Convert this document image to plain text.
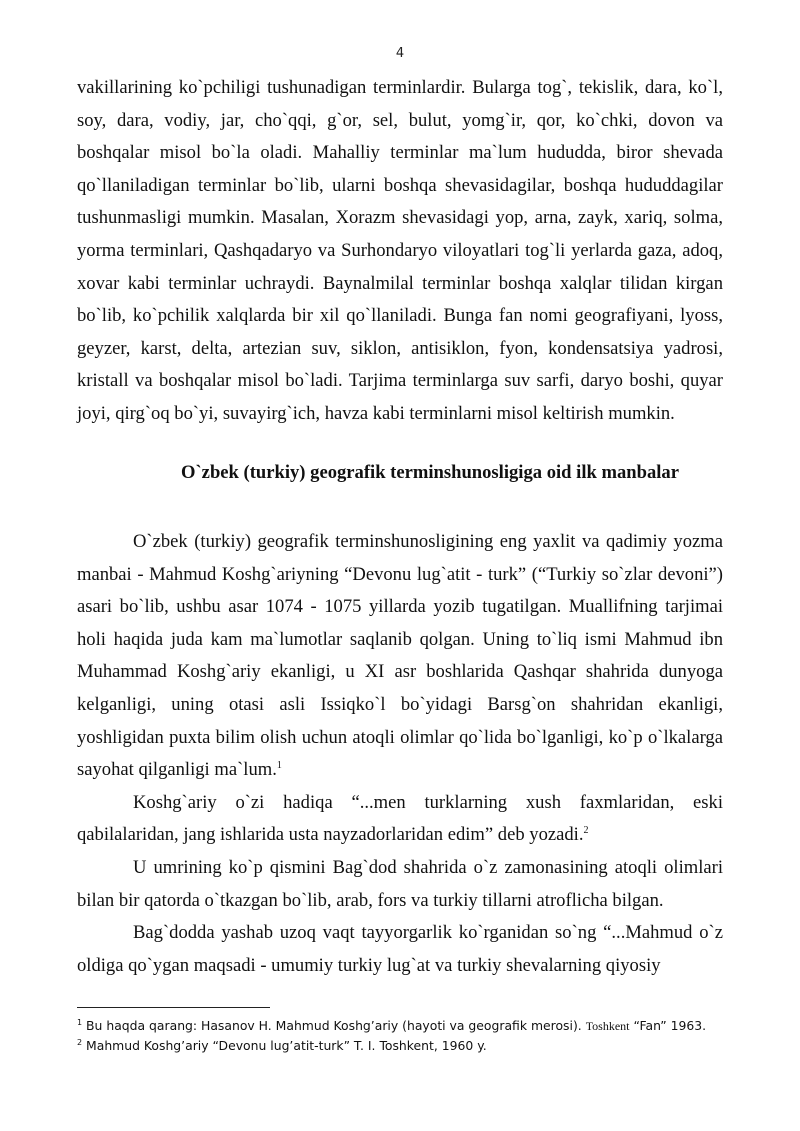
4

vakillarining ko`pchiligi tushunadigan terminlardir. Bularga tog`, tekislik, dara, ko`l, soy, dara, vodiy, jar, cho`qqi, g`or, sel, bulut, yomg`ir, qor, ko`chki, dovon va boshqalar misol bo`la oladi. Mahalliy terminlar ma`lum hududda, biror shevada qo`llaniladigan terminlar bo`lib, ularni boshqa shevasidagilar, boshqa hududdagilar tushunmasligi mumkin. Masalan, Xorazm shevasidagi yop, arna, zayk, xariq, solma, yorma terminlari, Qashqadaryo va Surhondaryo viloyatlari tog`li yerlarda gaza, adoq, xovar kabi terminlar uchraydi. Baynalmilal terminlar boshqa xalqlar tilidan kirgan bo`lib, ko`pchilik xalqlarda bir xil qo`llaniladi. Bunga fan nomi geografiyani, lyoss, geyzer, karst, delta, artezian suv, siklon, antisiklon, fyon, kondensatsiya yadrosi, kristall va boshqalar misol bo`ladi. Tarjima terminlarga suv sarfi, daryo boshi, quyar joyi, qirg`oq bo`yi, suvayirg`ich, havza kabi terminlarni misol keltirish mumkin.

O`zbek (turkiy) geografik terminshunosligiga oid ilk manbalar

O`zbek (turkiy) geografik terminshunosligining eng yaxlit va qadimiy yozma manbai - Mahmud Koshg`ariyning “Devonu lug`atit - turk” (“Turkiy so`zlar devoni”) asari bo`lib, ushbu asar 1074 - 1075 yillarda yozib tugatilgan. Muallifning tarjimai holi haqida juda kam ma`lumotlar saqlanib qolgan. Uning to`liq ismi Mahmud ibn Muhammad Koshg`ariy ekanligi, u XI asr boshlarida Qashqar shahrida dunyoga kelganligi, uning otasi asli Issiqko`l bo`yidagi Barsg`on shahridan ekanligi, yoshligidan puxta bilim olish uchun atoqli olimlar qo`lida bo`lganligi, ko`p o`lkalarga sayohat qilganligi ma`lum.$^1$

Koshg`ariy o`zi hadiqa “...men turklarning xush faxmlaridan, eski qabilalaridan, jang ishlarida usta nayzadorlaridan edim” deb yozadi.$^2$

U umrining ko`p qismini Bag`dod shahrida o`z zamonasining atoqli olimlari bilan bir qatorda o`tkazgan bo`lib, arab, fors va turkiy tillarni atroflicha bilgan.

Bag`dodda yashab uzoq vaqt tayyorgarlik ko`rganidan so`ng “...Mahmud o`z oldiga qo`ygan maqsadi - umumiy turkiy lug`at va turkiy shevalarning qiyosiy

$^1$ Bu haqda qarang: Hasanov H. Mahmud Koshg’ariy (hayoti va geografik merosi). Toshkent “Fan” 1963.

$^2$ Mahmud Koshg’ariy “Devonu lug’atit-turk” T. I. Toshkent, 1960 y.
